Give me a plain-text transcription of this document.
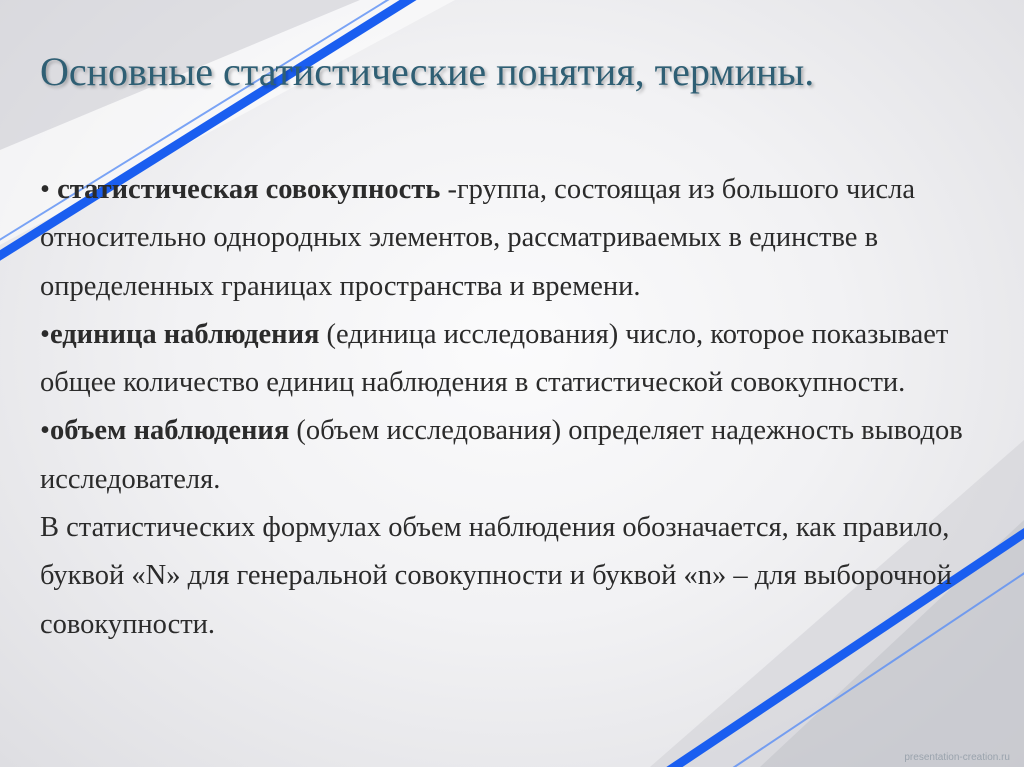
Основные статистические понятия, термины.

• статистическая совокупность -группа, состоящая из большого числа относительно однородных элементов, рассматриваемых в единстве в определенных границах пространства и времени.

•единица наблюдения (единица исследования) число, которое показывает общее количество единиц наблюдения в статистической совокупности.

•объем наблюдения (объем исследования) определяет надежность выводов исследователя.

В статистических формулах объем наблюдения обозначается, как правило, буквой «N» для генеральной совокупности и буквой «n» – для выборочной совокупности.

presentation-creation.ru
